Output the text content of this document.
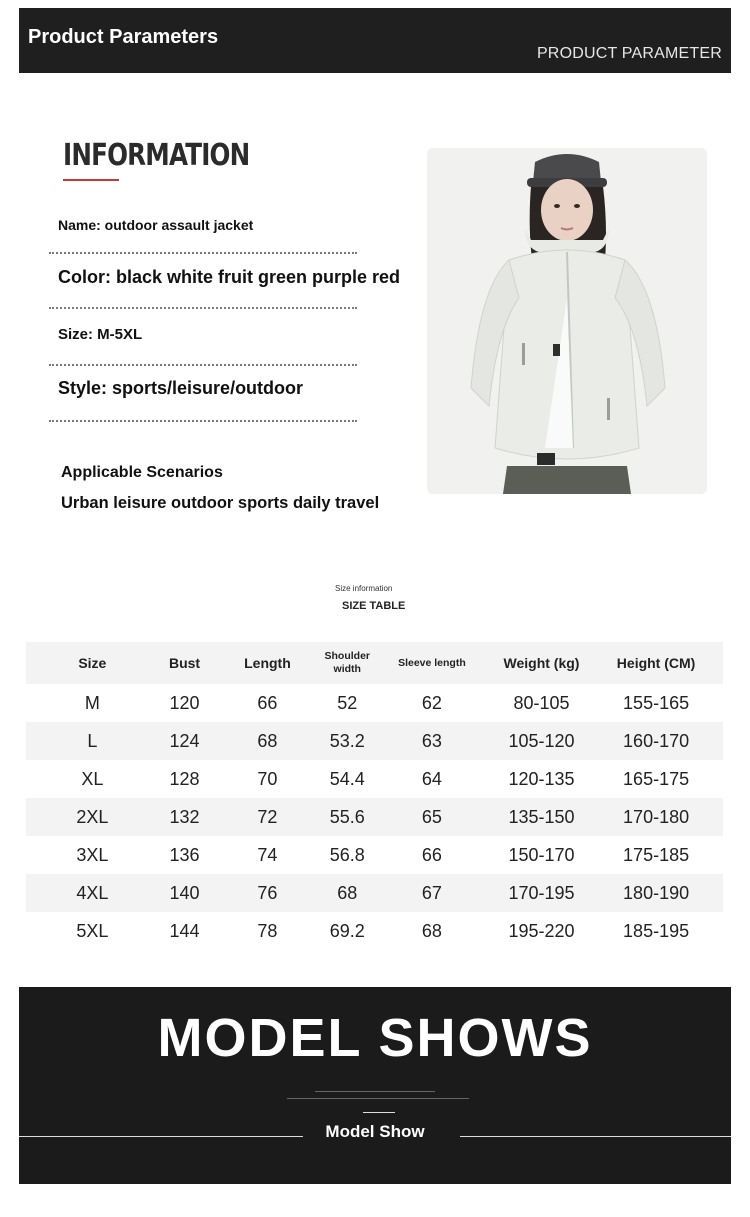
Product Parameters
PRODUCT PARAMETER
INFORMATION
Name: outdoor assault jacket
Color: black white fruit green purple red
Size: M-5XL
Style: sports/leisure/outdoor
Applicable Scenarios
Urban leisure outdoor sports daily travel
Size information
SIZE TABLE
Size	Bust	Length	Shoulder width	Sleeve length	Weight (kg)	Height (CM)
M	120	66	52	62	80-105	155-165
L	124	68	53.2	63	105-120	160-170
XL	128	70	54.4	64	120-135	165-175
2XL	132	72	55.6	65	135-150	170-180
3XL	136	74	56.8	66	150-170	175-185
4XL	140	76	68	67	170-195	180-190
5XL	144	78	69.2	68	195-220	185-195
MODEL SHOWS
Model Show
